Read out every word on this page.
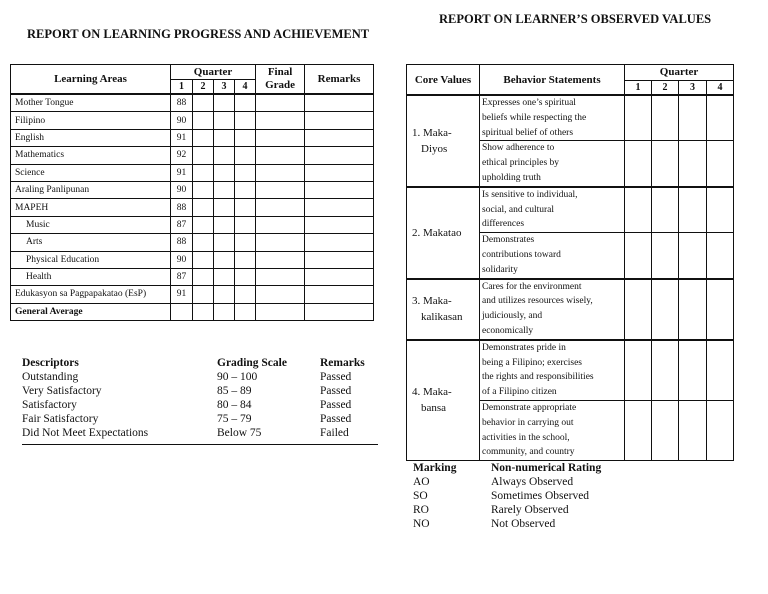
REPORT ON LEARNING PROGRESS AND ACHIEVEMENT
REPORT ON LEARNER’S OBSERVED VALUES
Learning Areas	Quarter				Final
Grade	Remarks
	1	2	3	4		
Mother Tongue	88					
Filipino	90					
English	91					
Mathematics	92					
Science	91					
Araling Panlipunan	90					
MAPEH	88					
Music	87					
Arts	88					
Physical Education	90					
Health	87					
Edukasyon sa Pagpapakatao (EsP)	91					
General Average						
Descriptors	Grading Scale	Remarks
Outstanding	90 – 100	Passed
Very Satisfactory	85 – 89	Passed
Satisfactory	80 – 84	Passed
Fair Satisfactory	75 – 79	Passed
Did Not Meet Expectations	Below 75	Failed
Core Values	Behavior Statements	Quarter			
		1	2	3	4
1. Maka-
Diyos	Expresses one’s spiritual
beliefs while respecting the
spiritual belief of others				
	Show adherence to
ethical principles by
upholding truth				
2. Makatao	Is sensitive to individual,
social, and cultural
differences				
	Demonstrates
contributions toward
solidarity				
3. Maka-
kalikasan	Cares for the environment
and utilizes resources wisely,
judiciously, and
economically				
4. Maka-
bansa	Demonstrates pride in
being a Filipino; exercises
the rights and responsibilities
of a Filipino citizen				
	Demonstrate appropriate
behavior in carrying out
activities in the school,
community, and country				
Marking	Non-numerical Rating
AO	Always Observed
SO	Sometimes Observed
RO	Rarely Observed
NO	Not Observed
